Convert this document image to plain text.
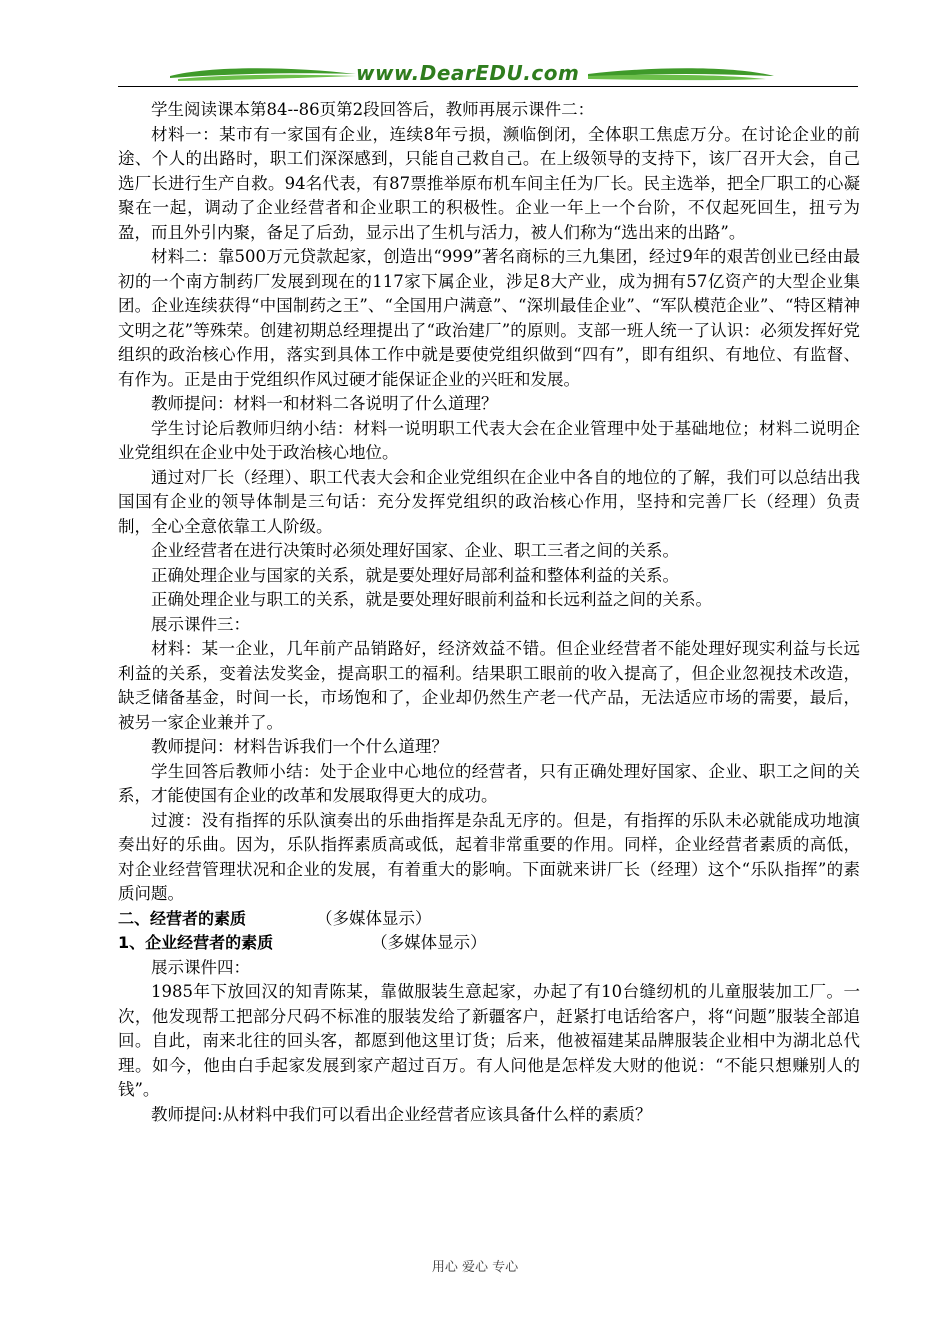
www.DearEDU.com

学生阅读课本第84--86页第2段回答后，教师再展示课件二：

材料一：某市有一家国有企业，连续8年亏损，濒临倒闭，全体职工焦虑万分。在讨论企业的前途、个人的出路时，职工们深深感到，只能自己救自己。在上级领导的支持下，该厂召开大会，自己选厂长进行生产自救。94名代表，有87票推举原布机车间主任为厂长。民主选举，把全厂职工的心凝聚在一起，调动了企业经营者和企业职工的积极性。企业一年上一个台阶，不仅起死回生，扭亏为盈，而且外引内聚，备足了后劲，显示出了生机与活力，被人们称为“选出来的出路”。

材料二：靠500万元贷款起家，创造出“999”著名商标的三九集团，经过9年的艰苦创业已经由最初的一个南方制药厂发展到现在的117家下属企业，涉足8大产业，成为拥有57亿资产的大型企业集团。企业连续获得“中国制药之王”、“全国用户满意”、“深圳最佳企业”、“军队模范企业”、“特区精神文明之花”等殊荣。创建初期总经理提出了“政治建厂”的原则。支部一班人统一了认识：必须发挥好党组织的政治核心作用，落实到具体工作中就是要使党组织做到“四有”，即有组织、有地位、有监督、有作为。正是由于党组织作风过硬才能保证企业的兴旺和发展。

教师提问：材料一和材料二各说明了什么道理？

学生讨论后教师归纳小结：材料一说明职工代表大会在企业管理中处于基础地位；材料二说明企业党组织在企业中处于政治核心地位。

通过对厂长（经理）、职工代表大会和企业党组织在企业中各自的地位的了解，我们可以总结出我国国有企业的领导体制是三句话：充分发挥党组织的政治核心作用，坚持和完善厂长（经理）负责制，全心全意依靠工人阶级。

企业经营者在进行决策时必须处理好国家、企业、职工三者之间的关系。

正确处理企业与国家的关系，就是要处理好局部利益和整体利益的关系。

正确处理企业与职工的关系，就是要处理好眼前利益和长远利益之间的关系。

展示课件三：

材料：某一企业，几年前产品销路好，经济效益不错。但企业经营者不能处理好现实利益与长远利益的关系，变着法发奖金，提高职工的福利。结果职工眼前的收入提高了，但企业忽视技术改造，缺乏储备基金，时间一长，市场饱和了，企业却仍然生产老一代产品，无法适应市场的需要，最后，被另一家企业兼并了。

教师提问：材料告诉我们一个什么道理？

学生回答后教师小结：处于企业中心地位的经营者，只有正确处理好国家、企业、职工之间的关系，才能使国有企业的改革和发展取得更大的成功。

过渡：没有指挥的乐队演奏出的乐曲指挥是杂乱无序的。但是，有指挥的乐队未必就能成功地演奏出好的乐曲。因为，乐队指挥素质高或低，起着非常重要的作用。同样，企业经营者素质的高低，对企业经营管理状况和企业的发展，有着重大的影响。下面就来讲厂长（经理）这个“乐队指挥”的素质问题。

二、经营者的素质	（多媒体显示）

1、企业经营者的素质	（多媒体显示）

展示课件四：

1985年下放回汉的知青陈某，靠做服装生意起家，办起了有10台缝纫机的儿童服装加工厂。一次，他发现帮工把部分尺码不标准的服装发给了新疆客户，赶紧打电话给客户，将“问题”服装全部追回。自此，南来北往的回头客，都愿到他这里订货；后来，他被福建某品牌服装企业相中为湖北总代理。如今，他由白手起家发展到家产超过百万。有人问他是怎样发大财的他说：“不能只想赚别人的钱”。

教师提问:从材料中我们可以看出企业经营者应该具备什么样的素质？

用心 爱心 专心
